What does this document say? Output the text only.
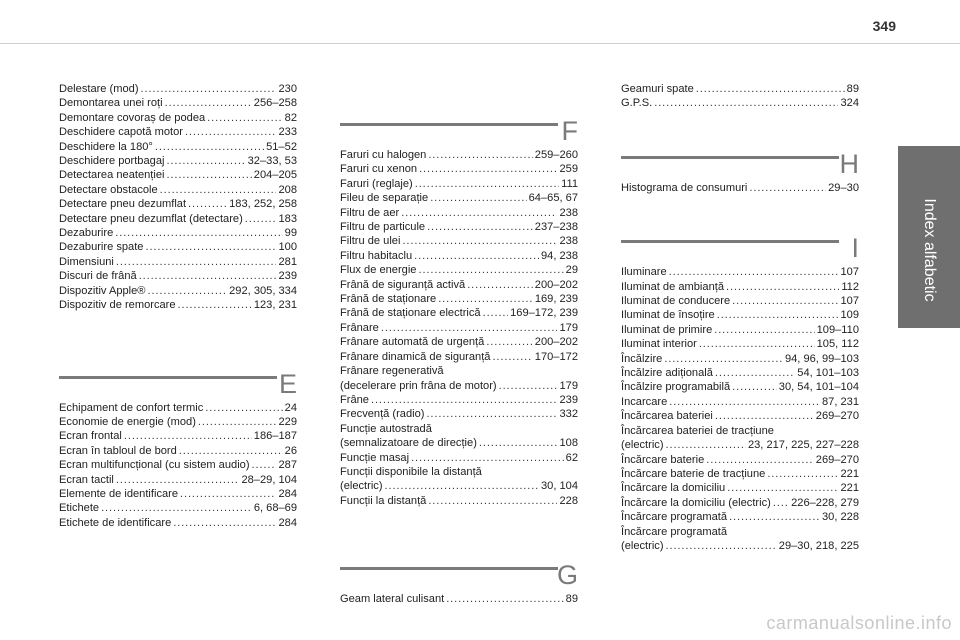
349
Index alfabetic
Delestare (mod) . . .	230
Demontarea unei roți . . .	256–258
Demontare covoraș de podea . . .	82
Deschidere capotă motor . . .	233
Deschidere la 180° . . .	51–52
Deschidere portbagaj . . .	32–33, 53
Detectarea neatenției . . .	204–205
Detectare obstacole . . .	208
Detectare pneu dezumflat . . .	183, 252, 258
Detectare pneu dezumflat (detectare) . . .	183
Dezaburire . . .	99
Dezaburire spate . . .	100
Dimensiuni . . .	281
Discuri de frână . . .	239
Dispozitiv Apple® . . .	292, 305, 334
Dispozitiv de remorcare . . .	123, 231
E
Echipament de confort termic . . .	24
Economie de energie (mod) . . .	229
Ecran frontal . . .	186–187
Ecran în tabloul de bord . . .	26
Ecran multifuncțional (cu sistem audio) . . .	287
Ecran tactil . . .	28–29, 104
Elemente de identificare . . .	284
Etichete . . .	6, 68–69
Etichete de identificare . . .	284
F
Faruri cu halogen . . .	259–260
Faruri cu xenon . . .	259
Faruri (reglaje) . . .	111
Fileu de separație . . .	64–65, 67
Filtru de aer . . .	238
Filtru de particule . . .	237–238
Filtru de ulei . . .	238
Filtru habitaclu . . .	94, 238
Flux de energie . . .	29
Frână de siguranță activă . . .	200–202
Frână de staționare . . .	169, 239
Frână de staționare electrică . . .	169–172, 239
Frânare . . .	179
Frânare automată de urgență . . .	200–202
Frânare dinamică de siguranță . . .	170–172
Frânare regenerativă
(decelerare prin frâna de motor) . . .	179
Frâne . . .	239
Frecvență (radio) . . .	332
Funcție autostradă
(semnalizatoare de direcție) . . .	108
Funcție masaj . . .	62
Funcții disponibile la distanță
(electric) . . .	30, 104
Funcții la distanță . . .	228
G
Geam lateral culisant . . .	89
Geamuri spate . . .	89
G.P.S. . . .	324
H
Histograma de consumuri . . .	29–30
I
Iluminare . . .	107
Iluminat de ambianță . . .	112
Iluminat de conducere . . .	107
Iluminat de însoțire . . .	109
Iluminat de primire . . .	109–110
Iluminat interior . . .	105, 112
Încălzire . . .	94, 96, 99–103
Încălzire adițională . . .	54, 101–103
Încălzire programabilă . . .	30, 54, 101–104
Incarcare . . .	87, 231
Încărcarea bateriei . . .	269–270
Încărcarea bateriei de tracțiune
(electric) . . .	23, 217, 225, 227–228
Încărcare baterie . . .	269–270
Încărcare baterie de tracțiune . . .	221
Încărcare la domiciliu . . .	221
Încărcare la domiciliu (electric) . . . 226–228, 279
Încărcare programată . . .	30, 228
Încărcare programată
(electric) . . .	29–30, 218, 225
carmanualsonline.info
